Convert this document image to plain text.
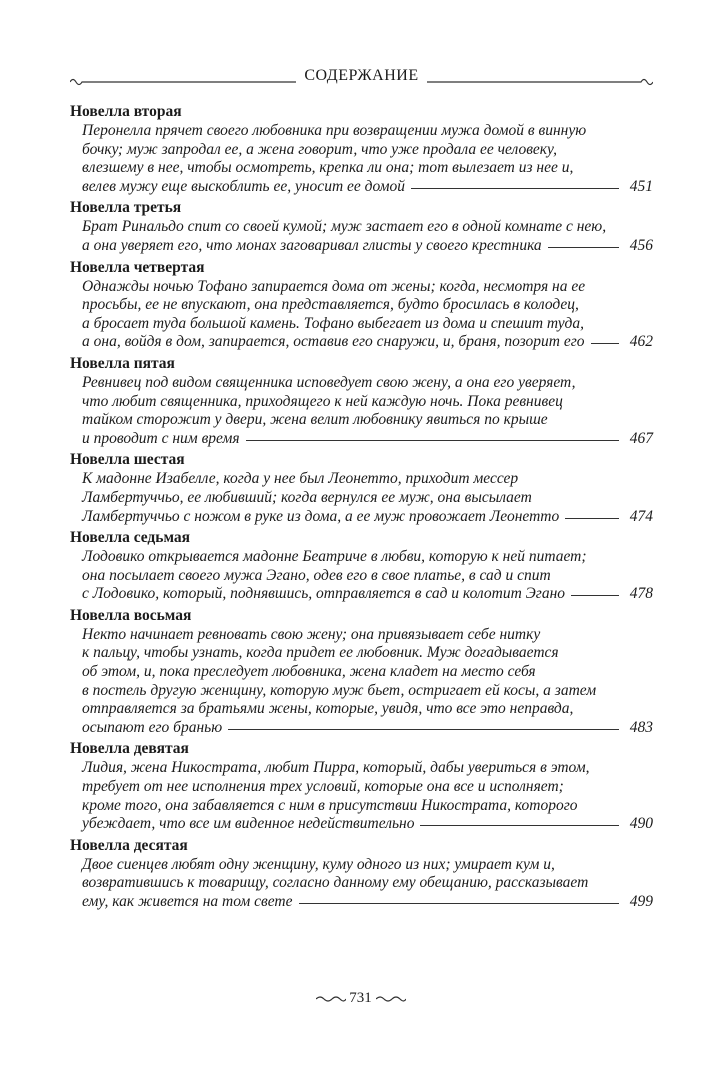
СОДЕРЖАНИЕ
Новелла вторая
Перонелла прячет своего любовника при возвращении мужа домой в винную
бочку; муж запродал ее, а жена говорит, что уже продала ее человеку,
влезшему в нее, чтобы осмотреть, крепка ли она; тот вылезает из нее и,
велев мужу еще выскоблить ее, уносит ее домой	451
Новелла третья
Брат Ринальдо спит со своей кумой; муж застает его в одной комнате с нею,
а она уверяет его, что монах заговаривал глисты у своего крестника	456
Новелла четвертая
Однажды ночью Тофано запирается дома от жены; когда, несмотря на ее
просьбы, ее не впускают, она представляется, будто бросилась в колодец,
а бросает туда большой камень. Тофано выбегает из дома и спешит туда,
а она, войдя в дом, запирается, оставив его снаружи, и, браня, позорит его	462
Новелла пятая
Ревнивец под видом священника исповедует свою жену, а она его уверяет,
что любит священника, приходящего к ней каждую ночь. Пока ревнивец
тайком сторожит у двери, жена велит любовнику явиться по крыше
и проводит с ним время	467
Новелла шестая
К мадонне Изабелле, когда у нее был Леонетто, приходит мессер
Ламбертуччьо, ее любивший; когда вернулся ее муж, она высылает
Ламбертуччьо с ножом в руке из дома, а ее муж провожает Леонетто	474
Новелла седьмая
Лодовико открывается мадонне Беатриче в любви, которую к ней питает;
она посылает своего мужа Эгано, одев его в свое платье, в сад и спит
с Лодовико, который, поднявшись, отправляется в сад и колотит Эгано	478
Новелла восьмая
Некто начинает ревновать свою жену; она привязывает себе нитку
к пальцу, чтобы узнать, когда придет ее любовник. Муж догадывается
об этом, и, пока преследует любовника, жена кладет на место себя
в постель другую женщину, которую муж бьет, остригает ей косы, а затем
отправляется за братьями жены, которые, увидя, что все это неправда,
осыпают его бранью	483
Новелла девятая
Лидия, жена Никострата, любит Пирра, который, дабы увериться в этом,
требует от нее исполнения трех условий, которые она все и исполняет;
кроме того, она забавляется с ним в присутствии Никострата, которого
убеждает, что все им виденное недействительно	490
Новелла десятая
Двое сиенцев любят одну женщину, куму одного из них; умирает кум и,
возвратившись к товарищу, согласно данному ему обещанию, рассказывает
ему, как живется на том свете	499
731
